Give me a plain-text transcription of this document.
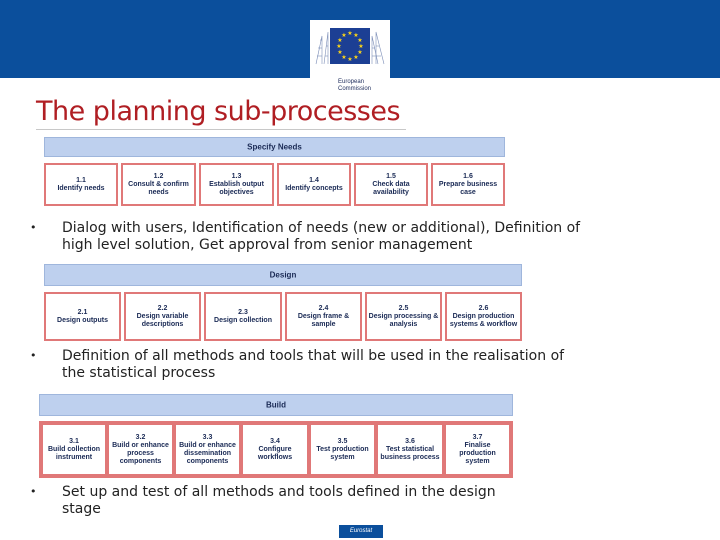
★ ★
★
★
★
★
★
★
★
★
★
★
European
Commission
The planning sub-processes
Specify Needs
1.1
Identify needs
1.2
Consult & confirm needs
1.3
Establish output objectives
1.4
Identify concepts
1.5
Check data availability
1.6
Prepare business case
• Dialog with users, Identification of needs (new or additional), Definition of
high level solution, Get approval from senior management
Design
2.1
Design outputs
2.2
Design variable descriptions
2.3
Design collection
2.4
Design frame & sample
2.5
Design processing & analysis
2.6
Design production systems & workflow
• Definition of all methods and tools that will be used in the realisation of
the statistical process
Build
3.1
Build collection instrument
3.2
Build or enhance process components
3.3
Build or enhance dissemination components
3.4
Configure workflows
3.5
Test production system
3.6
Test statistical business process
3.7
Finalise production system
• Set up and test of all methods and tools defined in the design
stage
Eurostat
